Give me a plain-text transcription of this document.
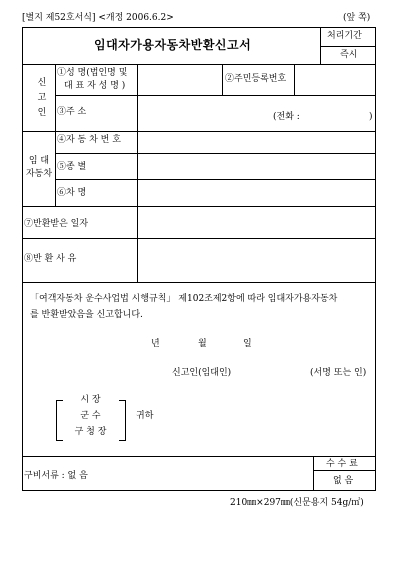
[별지 제52호서식] <개정 2006.6.2>	(앞 쪽)
임대자가용자동차반환신고서
처리기간
즉시
신
고
인
①성 명(법인명 및
대 표 자 성 명 )
②주민등록번호
③주 소	(전화 :	)
임 대
자동차
④자 동 차 번 호
⑤종 별
⑥차 명
⑦반환받은 일자
⑧반 환 사 유
「여객자동차 운수사업법 시행규칙」 제102조제2항에 따라 임대자가용자동차
를 반환받았음을 신고합니다.
년	월	일
신고인(임대인)	(서명 또는 인)
시 장
군 수
구 청 장
귀하
구비서류 : 없 음
수 수 료
없 음
210㎜×297㎜(신문용지 54g/㎡)
